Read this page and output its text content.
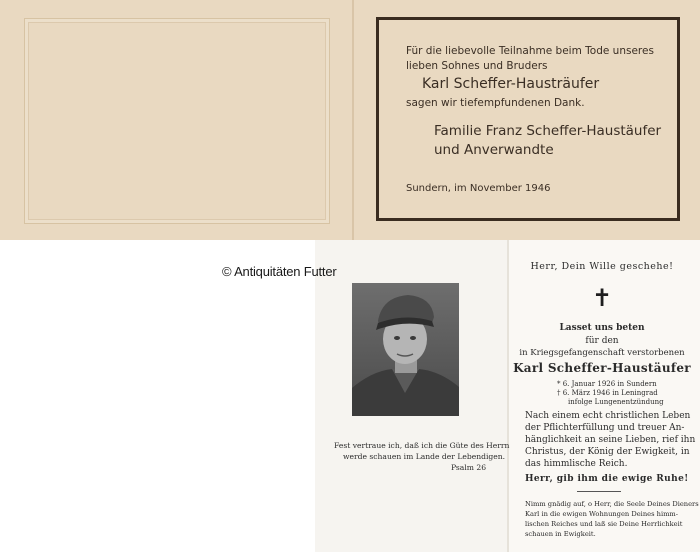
Für die liebevolle Teilnahme beim Tode unseres
lieben Sohnes und Bruders
Karl Scheffer-Hausträufer
sagen wir tiefempfundenen Dank.
Familie Franz Scheffer-Haustäufer
und Anverwandte
Sundern, im November 1946
© Antiquitäten Futter
Fest vertraue ich, daß ich die Güte des Herrn
werde schauen im Lande der Lebendigen.
Psalm 26
Herr, Dein Wille geschehe!
✝
Lasset uns beten
für den
in Kriegsgefangenschaft verstorbenen
Karl Scheffer-Haustäufer
* 6. Januar 1926 in Sundern
† 6. März 1946 in Leningrad
infolge Lungenentzündung
Nach einem echt christlichen Leben
der Pflichterfüllung und treuer An-
hänglichkeit an seine Lieben, rief ihn
Christus, der König der Ewigkeit, in
das himmlische Reich.
Herr, gib ihm die ewige Ruhe!
Nimm gnädig auf, o Herr, die Seele Deines Dieners
Karl in die ewigen Wohnungen Deines himm-
lischen Reiches und laß sie Deine Herrlichkeit
schauen in Ewigkeit.
